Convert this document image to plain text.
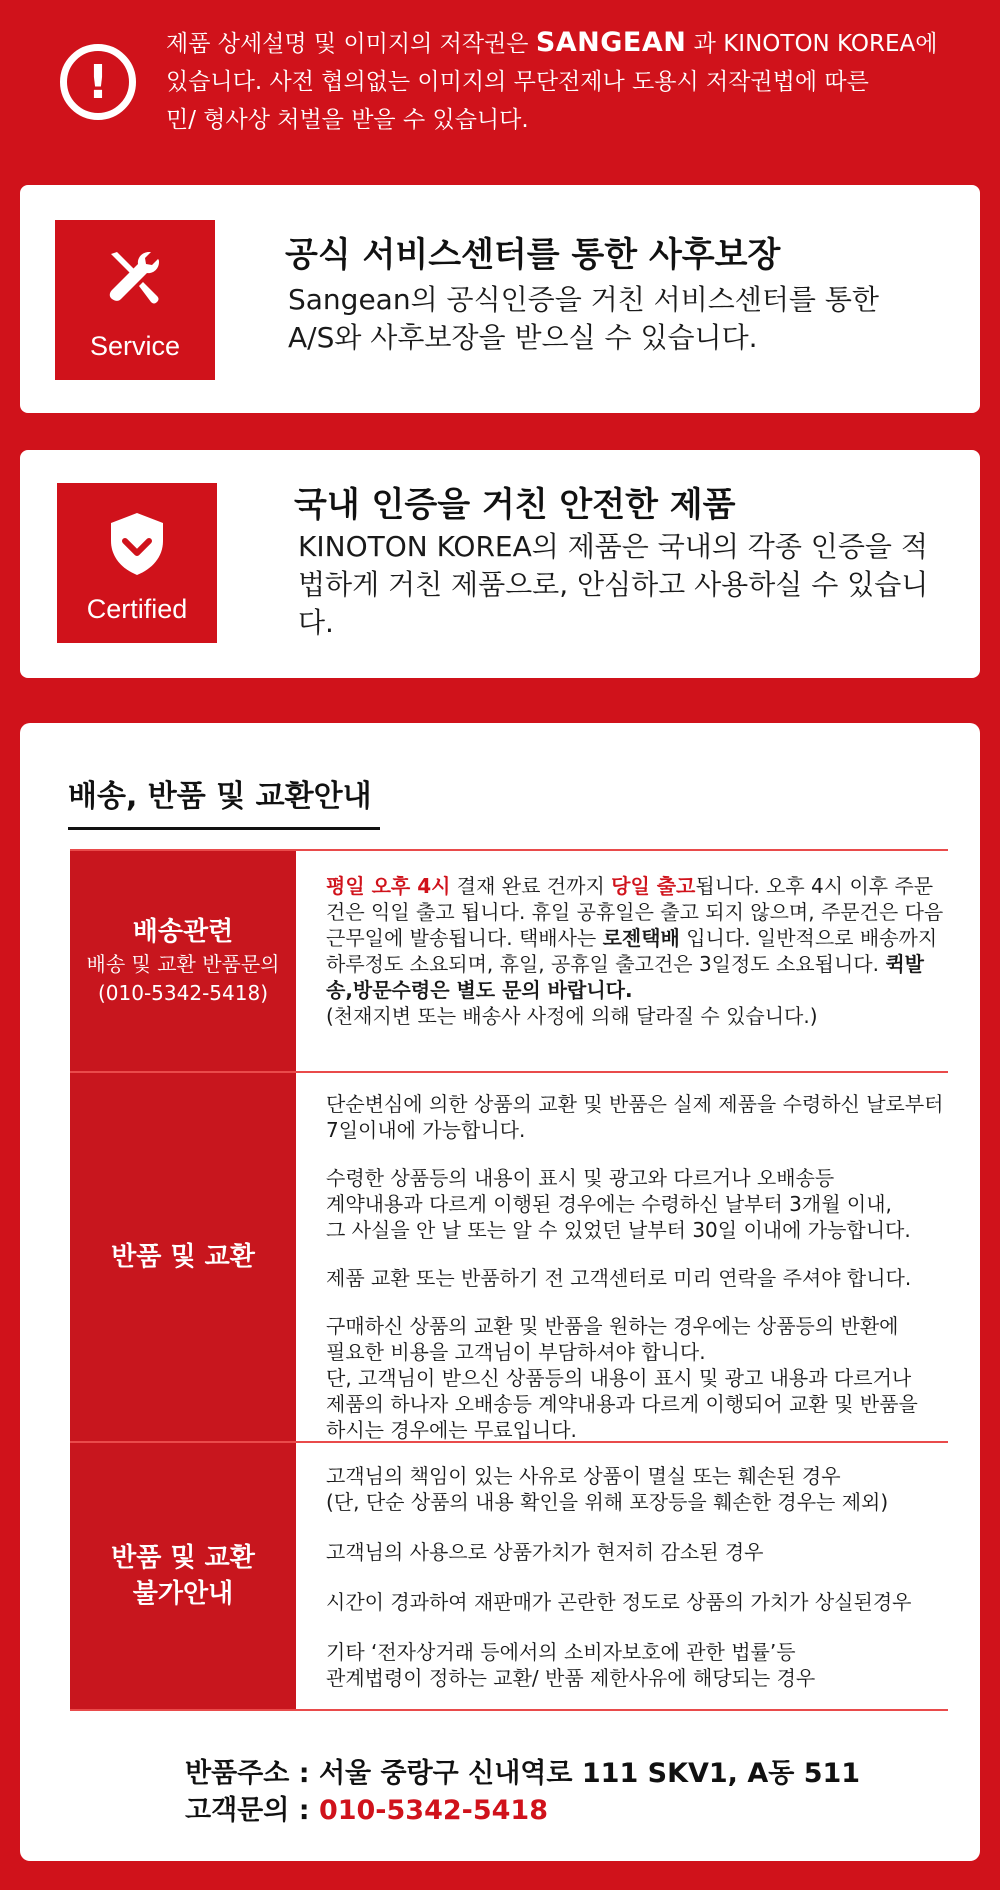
!
제품 상세설명 및 이미지의 저작권은 SANGEAN 과 KINOTON KOREA에
있습니다. 사전 협의없는 이미지의 무단전제나 도용시 저작권법에 따른
민/ 형사상 처벌을 받을 수 있습니다.
Service
공식 서비스센터를 통한 사후보장

Sangean의 공식인증을 거친 서비스센터를 통한 A/S와 사후보장을 받으실 수 있습니다.

Certified
국내 인증을 거친 안전한 제품

KINOTON KOREA의 제품은 국내의 각종 인증을 적법하게 거친 제품으로, 안심하고 사용하실 수 있습니다.

배송, 반품 및 교환안내
배송관련
배송 및 교환 반품문의
(010-5342-5418)
평일 오후 4시 결재 완료 건까지 당일 출고됩니다. 오후 4시 이후 주문건은 익일 출고 됩니다. 휴일 공휴일은 출고 되지 않으며, 주문건은 다음 근무일에 발송됩니다. 택배사는 로젠택배 입니다. 일반적으로 배송까지 하루정도 소요되며, 휴일, 공휴일 출고건은 3일정도 소요됩니다. 퀵발송,방문수령은 별도 문의 바랍니다.
(천재지변 또는 배송사 사정에 의해 달라질 수 있습니다.)
반품 및 교환
단순변심에 의한 상품의 교환 및 반품은 실제 제품을 수령하신 날로부터 7일이내에 가능합니다.
수령한 상품등의 내용이 표시 및 광고와 다르거나 오배송등
계약내용과 다르게 이행된 경우에는 수령하신 날부터 3개월 이내,
그 사실을 안 날 또는 알 수 있었던 날부터 30일 이내에 가능합니다.
제품 교환 또는 반품하기 전 고객센터로 미리 연락을 주셔야 합니다.
구매하신 상품의 교환 및 반품을 원하는 경우에는 상품등의 반환에
필요한 비용을 고객님이 부담하셔야 합니다.
단, 고객님이 받으신 상품등의 내용이 표시 및 광고 내용과 다르거나
제품의 하나자 오배송등 계약내용과 다르게 이행되어 교환 및 반품을
하시는 경우에는 무료입니다.
반품 및 교환
불가안내
고객님의 책임이 있는 사유로 상품이 멸실 또는 훼손된 경우
(단, 단순 상품의 내용 확인을 위해 포장등을 훼손한 경우는 제외)
고객님의 사용으로 상품가치가 현저히 감소된 경우
시간이 경과하여 재판매가 곤란한 정도로 상품의 가치가 상실된경우
기타 ‘전자상거래 등에서의 소비자보호에 관한 법률’등
관계법령이 정하는 교환/ 반품 제한사유에 해당되는 경우
반품주소 : 서울 중랑구 신내역로 111 SKV1, A동 511
고객문의 : 010-5342-5418
